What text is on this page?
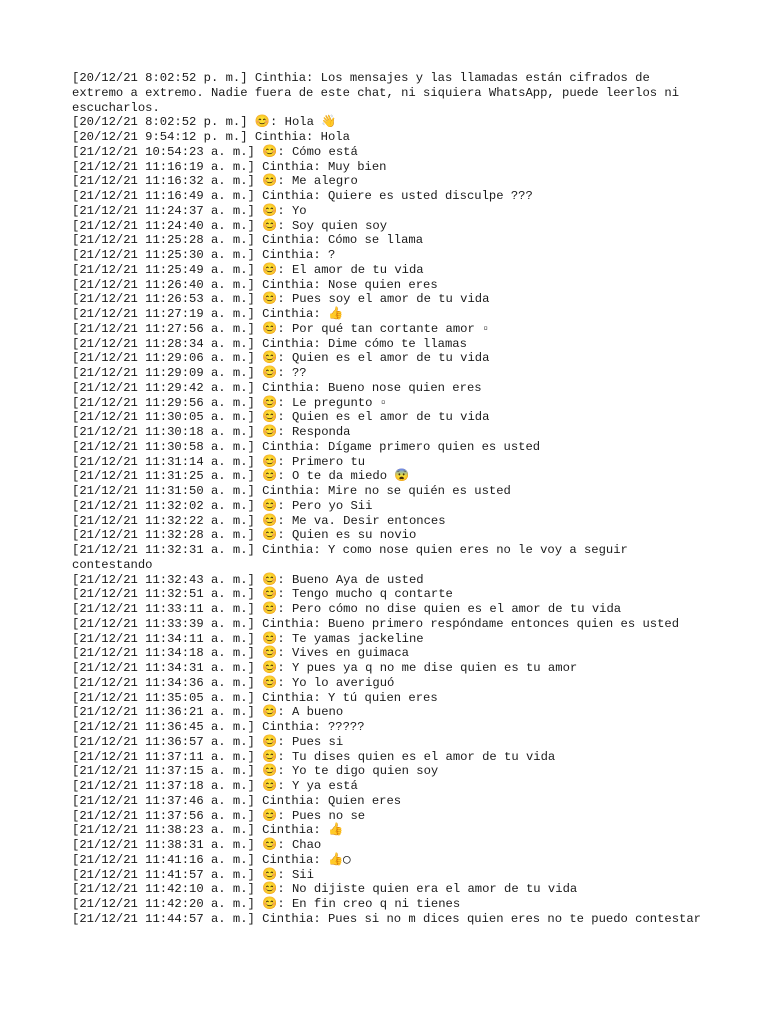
[20/12/21 8:02:52 p. m.] Cinthia: Los mensajes y las llamadas están cifrados de extremo a extremo. Nadie fuera de este chat, ni siquiera WhatsApp, puede leerlos ni escucharlos.
[20/12/21 8:02:52 p. m.] 😊: Hola 👋
[20/12/21 9:54:12 p. m.] Cinthia: Hola
[21/12/21 10:54:23 a. m.] 😊: Cómo está
[21/12/21 11:16:19 a. m.] Cinthia: Muy bien
[21/12/21 11:16:32 a. m.] 😊: Me alegro
[21/12/21 11:16:49 a. m.] Cinthia: Quiere es usted disculpe ???
[21/12/21 11:24:37 a. m.] 😊: Yo
[21/12/21 11:24:40 a. m.] 😊: Soy quien soy
[21/12/21 11:25:28 a. m.] Cinthia: Cómo se llama
[21/12/21 11:25:30 a. m.] Cinthia: ?
[21/12/21 11:25:49 a. m.] 😊: El amor de tu vida
[21/12/21 11:26:40 a. m.] Cinthia: Nose quien eres
[21/12/21 11:26:53 a. m.] 😊: Pues soy el amor de tu vida
[21/12/21 11:27:19 a. m.] Cinthia: 👍
[21/12/21 11:27:56 a. m.] 😊: Por qué tan cortante amor ▫
[21/12/21 11:28:34 a. m.] Cinthia: Dime cómo te llamas
[21/12/21 11:29:06 a. m.] 😊: Quien es el amor de tu vida
[21/12/21 11:29:09 a. m.] 😊: ??
[21/12/21 11:29:42 a. m.] Cinthia: Bueno nose quien eres
[21/12/21 11:29:56 a. m.] 😊: Le pregunto ▫
[21/12/21 11:30:05 a. m.] 😊: Quien es el amor de tu vida
[21/12/21 11:30:18 a. m.] 😊: Responda
[21/12/21 11:30:58 a. m.] Cinthia: Dígame primero quien es usted
[21/12/21 11:31:14 a. m.] 😊: Primero tu
[21/12/21 11:31:25 a. m.] 😊: O te da miedo 😨
[21/12/21 11:31:50 a. m.] Cinthia: Mire no se quién es usted
[21/12/21 11:32:02 a. m.] 😊: Pero yo Sii
[21/12/21 11:32:22 a. m.] 😊: Me va. Desir entonces
[21/12/21 11:32:28 a. m.] 😊: Quien es su novio
[21/12/21 11:32:31 a. m.] Cinthia: Y como nose quien eres no le voy a seguir contestando
[21/12/21 11:32:43 a. m.] 😊: Bueno Aya de usted
[21/12/21 11:32:51 a. m.] 😊: Tengo mucho q contarte
[21/12/21 11:33:11 a. m.] 😊: Pero cómo no dise quien es el amor de tu vida
[21/12/21 11:33:39 a. m.] Cinthia: Bueno primero respóndame entonces quien es usted
[21/12/21 11:34:11 a. m.] 😊: Te yamas jackeline
[21/12/21 11:34:18 a. m.] 😊: Vives en guimaca
[21/12/21 11:34:31 a. m.] 😊: Y pues ya q no me dise quien es tu amor
[21/12/21 11:34:36 a. m.] 😊: Yo lo averiguó
[21/12/21 11:35:05 a. m.] Cinthia: Y tú quien eres
[21/12/21 11:36:21 a. m.] 😊: A bueno
[21/12/21 11:36:45 a. m.] Cinthia: ?????
[21/12/21 11:36:57 a. m.] 😊: Pues si
[21/12/21 11:37:11 a. m.] 😊: Tu dises quien es el amor de tu vida
[21/12/21 11:37:15 a. m.] 😊: Yo te digo quien soy
[21/12/21 11:37:18 a. m.] 😊: Y ya está
[21/12/21 11:37:46 a. m.] Cinthia: Quien eres
[21/12/21 11:37:56 a. m.] 😊: Pues no se
[21/12/21 11:38:23 a. m.] Cinthia: 👍
[21/12/21 11:38:31 a. m.] 😊: Chao
[21/12/21 11:41:16 a. m.] Cinthia: 👍◯
[21/12/21 11:41:57 a. m.] 😊: Sii
[21/12/21 11:42:10 a. m.] 😊: No dijiste quien era el amor de tu vida
[21/12/21 11:42:20 a. m.] 😊: En fin creo q ni tienes
[21/12/21 11:44:57 a. m.] Cinthia: Pues si no m dices quien eres no te puedo contestar
